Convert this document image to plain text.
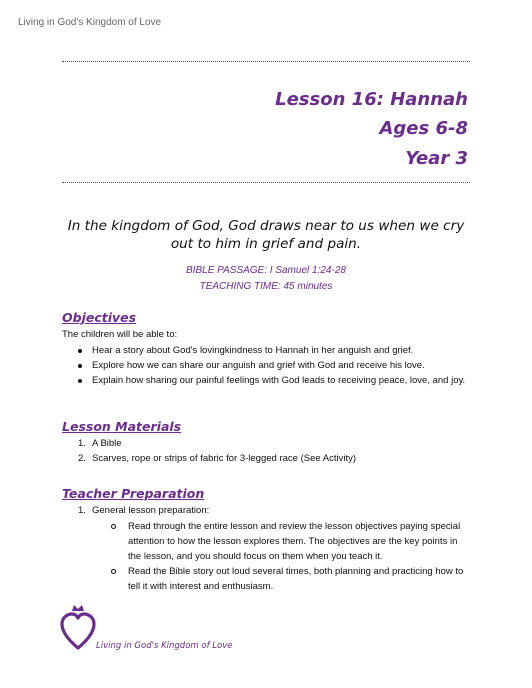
Living in God's Kingdom of Love
Lesson 16: Hannah
Ages 6-8
Year 3
In the kingdom of God, God draws near to us when we cry out to him in grief and pain.
BIBLE PASSAGE: I Samuel 1:24-28
TEACHING TIME: 45 minutes
Objectives
The children will be able to:
Hear a story about God's lovingkindness to Hannah in her anguish and grief.
Explore how we can share our anguish and grief with God and receive his love.
Explain how sharing our painful feelings with God leads to receiving peace, love, and joy.
Lesson Materials
1. A Bible
2. Scarves, rope or strips of fabric for 3-legged race (See Activity)
Teacher Preparation
1. General lesson preparation:
Read through the entire lesson and review the lesson objectives paying special attention to how the lesson explores them. The objectives are the key points in the lesson, and you should focus on them when you teach it.
Read the Bible story out loud several times, both planning and practicing how to tell it with interest and enthusiasm.
Living in God's Kingdom of Love
